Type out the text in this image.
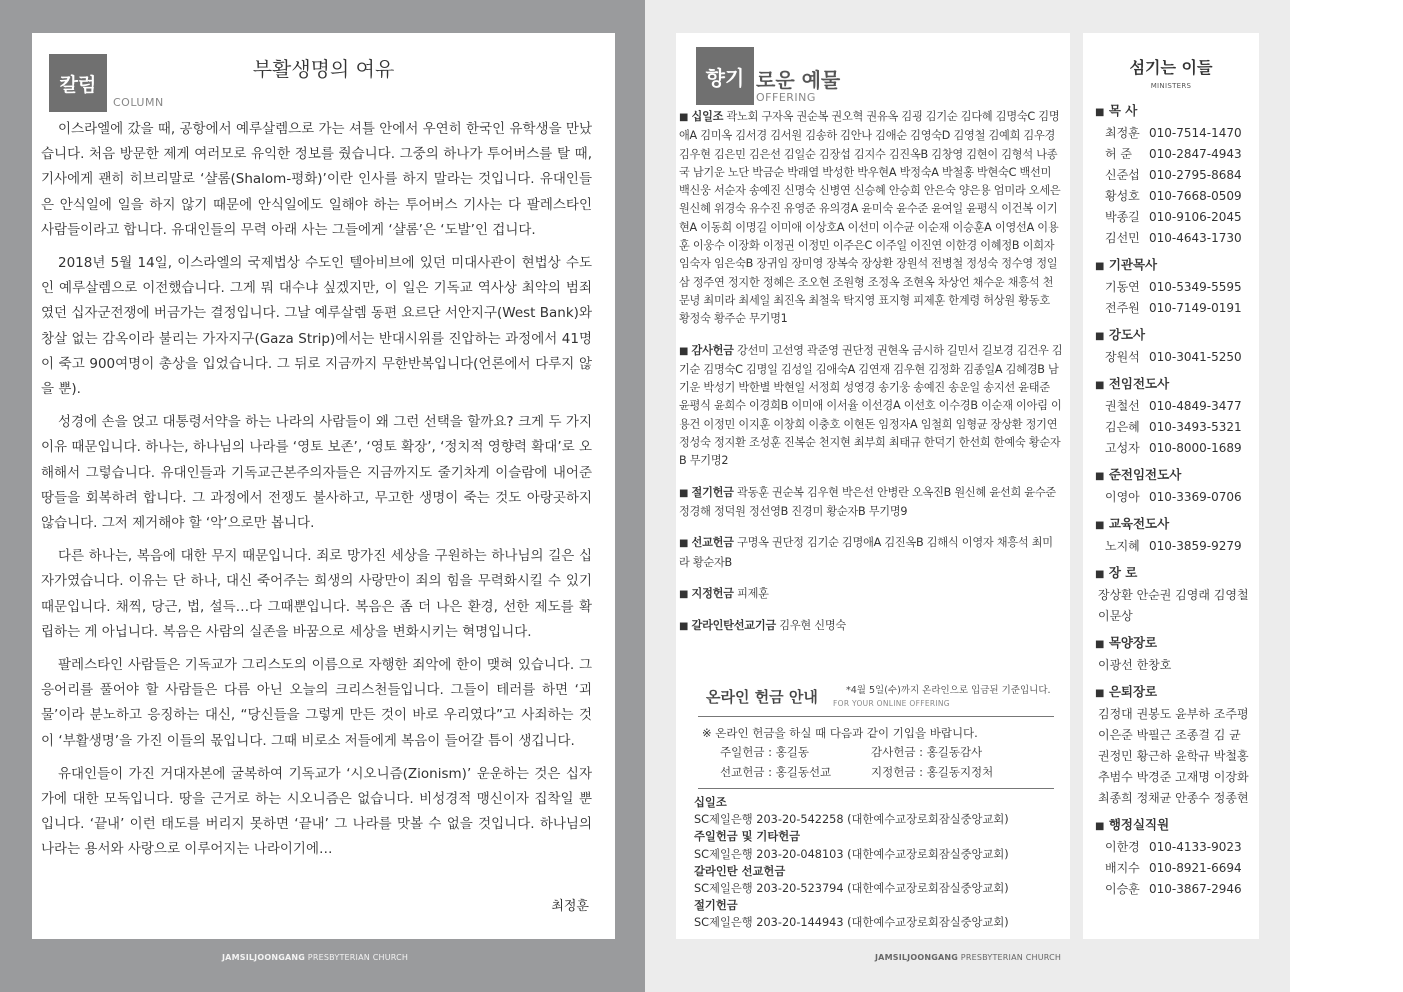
칼럼
COLUMN
부활생명의 여유

이스라엘에 갔을 때, 공항에서 예루살렘으로 가는 셔틀 안에서 우연히 한국인 유학생을 만났습니다. 처음 방문한 제게 여러모로 유익한 정보를 줬습니다. 그중의 하나가 투어버스를 탈 때, 기사에게 괜히 히브리말로 ‘샬롬(Shalom-평화)’이란 인사를 하지 말라는 것입니다. 유대인들은 안식일에 일을 하지 않기 때문에 안식일에도 일해야 하는 투어버스 기사는 다 팔레스타인 사람들이라고 합니다. 유대인들의 무력 아래 사는 그들에게 ‘샬롬’은 ‘도발’인 겁니다.

2018년 5월 14일, 이스라엘의 국제법상 수도인 텔아비브에 있던 미대사관이 현법상 수도인 예루살렘으로 이전했습니다. 그게 뭐 대수냐 싶겠지만, 이 일은 기독교 역사상 최악의 범죄였던 십자군전쟁에 버금가는 결정입니다. 그날 예루살렘 동편 요르단 서안지구(West Bank)와 창살 없는 감옥이라 불리는 가자지구(Gaza Strip)에서는 반대시위를 진압하는 과정에서 41명이 죽고 900여명이 총상을 입었습니다. 그 뒤로 지금까지 무한반복입니다(언론에서 다루지 않을 뿐).

성경에 손을 얹고 대통령서약을 하는 나라의 사람들이 왜 그런 선택을 할까요? 크게 두 가지 이유 때문입니다. 하나는, 하나님의 나라를 ‘영토 보존’, ‘영토 확장’, ‘정치적 영향력 확대’로 오해해서 그렇습니다. 유대인들과 기독교근본주의자들은 지금까지도 줄기차게 이슬람에 내어준 땅들을 회복하려 합니다. 그 과정에서 전쟁도 불사하고, 무고한 생명이 죽는 것도 아랑곳하지 않습니다. 그저 제거해야 할 ‘악’으로만 봅니다.

다른 하나는, 복음에 대한 무지 때문입니다. 죄로 망가진 세상을 구원하는 하나님의 길은 십자가였습니다. 이유는 단 하나, 대신 죽어주는 희생의 사랑만이 죄의 힘을 무력화시킬 수 있기 때문입니다. 채찍, 당근, 법, 설득…다 그때뿐입니다. 복음은 좀 더 나은 환경, 선한 제도를 확립하는 게 아닙니다. 복음은 사람의 실존을 바꿈으로 세상을 변화시키는 혁명입니다.

팔레스타인 사람들은 기독교가 그리스도의 이름으로 자행한 죄악에 한이 맺혀 있습니다. 그 응어리를 풀어야 할 사람들은 다름 아닌 오늘의 크리스천들입니다. 그들이 테러를 하면 ‘괴물’이라 분노하고 응징하는 대신, “당신들을 그렇게 만든 것이 바로 우리였다”고 사죄하는 것이 ‘부활생명’을 가진 이들의 몫입니다. 그때 비로소 저들에게 복음이 들어갈 틈이 생깁니다.

유대인들이 가진 거대자본에 굴복하여 기독교가 ‘시오니즘(Zionism)’ 운운하는 것은 십자가에 대한 모독입니다. 땅을 근거로 하는 시오니즘은 없습니다. 비성경적 맹신이자 집착일 뿐입니다. ‘끝내’ 이런 태도를 버리지 못하면 ‘끝내’ 그 나라를 맛볼 수 없을 것입니다. 하나님의 나라는 용서와 사랑으로 이루어지는 나라이기에…

최정훈
JAMSILJOONGANG PRESBYTERIAN CHURCH
향기 로운 예물
OFFERING
■ 십일조 곽노회 구자옥 권순복 권오혁 권유옥 김굉 김기순 김다혜 김명숙C 김명애A 김미옥 김서경 김서원 김송하 김안나 김애순 김영숙D 김영철 김예희 김우경 김우현 김은민 김은선 김일순 김장섭 김지수 김진옥B 김창영 김현이 김형석 나종국 남기운 노단 박금순 박래열 박성한 박우현A 박정숙A 박철홍 박현숙C 백선미 백신웅 서순자 송예진 신명숙 신병연 신승혜 안승희 안은숙 양은용 엄미라 오세은 원신혜 위경숙 유수진 유영준 유의경A 윤미숙 윤수준 윤여일 윤평식 이건복 이기현A 이동희 이명길 이미애 이상호A 이선미 이수균 이순재 이승훈A 이영선A 이용훈 이웅수 이장화 이정권 이정민 이주은C 이주일 이진연 이한경 이혜정B 이희자 임숙자 임은숙B 장귀임 장미영 장복숙 장상환 장원석 전병철 정성숙 정수영 정일삼 정주연 정지한 정혜은 조오현 조원형 조정옥 조현옥 차상언 채수운 채흥석 천문녕 최미라 최세일 최진옥 최철욱 탁지영 표지형 피제훈 한계령 허상원 황동호 황정숙 황주순 무기명1
■ 감사헌금 강선미 고선영 곽준영 권단정 권현옥 금시하 길민서 길보경 김건우 김기순 김명숙C 김명일 김성일 김애숙A 김연재 김우현 김정화 김종일A 김혜경B 남기운 박성기 박한별 박현일 서정희 성영경 송기웅 송예진 송운일 송지선 윤태준 윤평식 윤희수 이경희B 이미애 이서율 이선경A 이선호 이수경B 이순재 이아림 이용건 이정민 이지훈 이창희 이충호 이현돈 임정자A 임철희 임형균 장상환 정기연 정성숙 정지환 조성훈 진복순 천지현 최부희 최태규 한덕기 한선희 한예숙 황순자B 무기명2
■ 절기헌금 곽동훈 권순복 김우현 박은선 안병란 오옥진B 원신혜 윤선희 윤수준 정경해 정덕원 정선영B 진경미 황순자B 무기명9
■ 선교헌금 구명옥 권단정 김기순 김명애A 김진옥B 김해식 이영자 채흥석 최미라 황순자B
■ 지정헌금 피제훈
■ 갈라인탄선교기금 김우현 신명숙
온라인 헌금 안내 FOR YOUR ONLINE OFFERING
*4월 5일(수)까지 온라인으로 입금된 기준입니다.
※ 온라인 헌금을 하실 때 다음과 같이 기입을 바랍니다.
주일헌금 : 홍길동	감사헌금 : 홍길동감사
선교헌금 : 홍길동선교	지정헌금 : 홍길동지정처
십일조
SC제일은행 203-20-542258 (대한예수교장로회잠실중앙교회)
주일헌금 및 기타헌금
SC제일은행 203-20-048103 (대한예수교장로회잠실중앙교회)
갈라인탄 선교헌금
SC제일은행 203-20-523794 (대한예수교장로회잠실중앙교회)
절기헌금
SC제일은행 203-20-144943 (대한예수교장로회잠실중앙교회)
JAMSILJOONGANG PRESBYTERIAN CHURCH
섬기는 이들
MINISTERS
■ 목 사
최정훈 010-7514-1470
허 준 010-2847-4943
신준섭 010-2795-8684
황성호 010-7668-0509
박종길 010-9106-2045
김선민 010-4643-1730
■ 기관목사
기동연 010-5349-5595
전주원 010-7149-0191
■ 강도사
장원석 010-3041-5250
■ 전임전도사
권철선 010-4849-3477
김은혜 010-3493-5321
고성자 010-8000-1689
■ 준전임전도사
이영아 010-3369-0706
■ 교육전도사
노지혜 010-3859-9279
■ 장 로
장상환 안순권 김영래 김영철
이문상
■ 목양장로
이광선 한창호
■ 은퇴장로
김정대 권봉도 윤부하 조주평
이은준 박필근 조종걸 김 균
권정민 황근하 윤학규 박철홍
추범수 박경준 고재명 이장화
최종희 정채균 안종수 정종현
■ 행정실직원
이한경 010-4133-9023
배지수 010-8921-6694
이승훈 010-3867-2946
